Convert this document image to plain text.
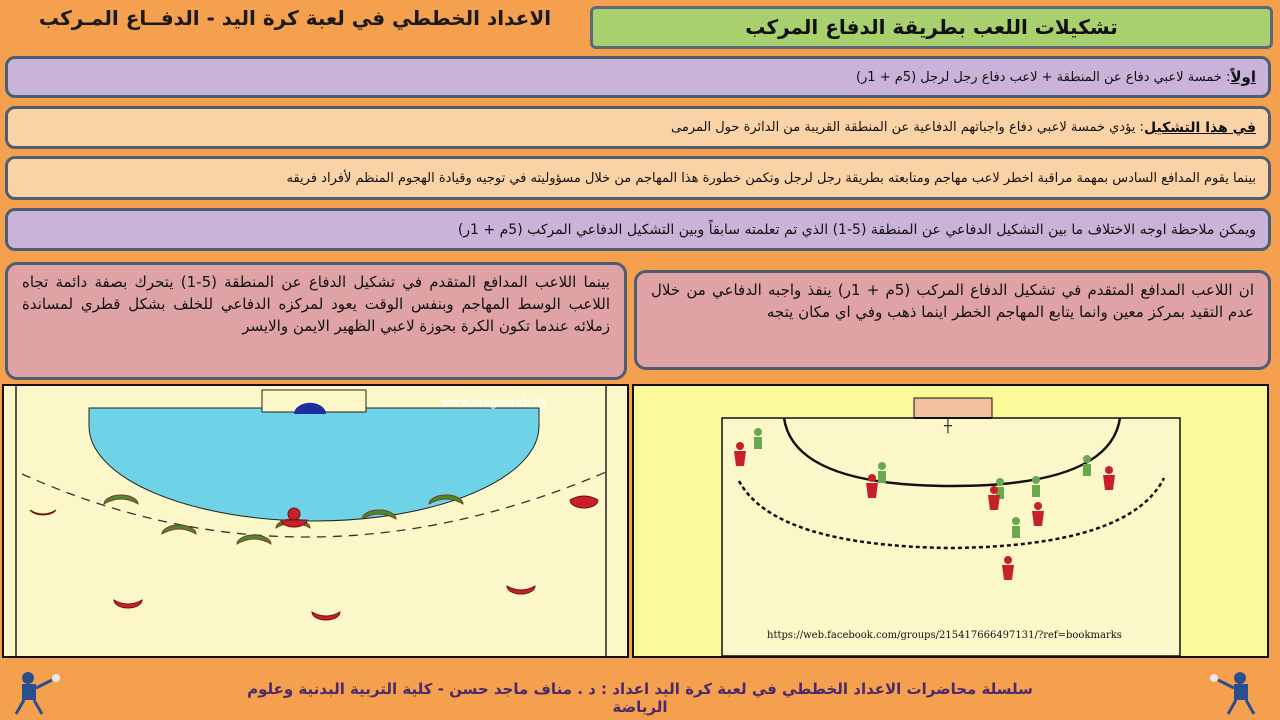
الاعداد الخططي في لعبة كرة اليد - الدفــاع المـركب	تشكيلات اللعب بطريقة الدفاع المركب
اولاً
: خمسة لاعبي دفاع عن المنطقة + لاعب دفاع رجل لرجل (5م + 1ر)
في هذا التشكيل
: يؤدي خمسة لاعبي دفاع واجباتهم الدفاعية عن المنطقة القريبة من الدائرة حول المرمى
بينما يقوم المدافع السادس بمهمة مراقبة اخطر لاعب مهاجم ومتابعته بطريقة رجل لرجل وتكمن خطورة هذا المهاجم من خلال مسؤوليته في توجيه وقيادة الهجوم المنظم لأفراد فريقه
ويمكن ملاحظة اوجه الاختلاف ما بين التشكيل الدفاعي عن المنطقة (5-1) الذي تم تعلمته سابقاً وبين التشكيل الدفاعي المركب (5م + 1ر)
بينما اللاعب المدافع المتقدم في تشكيل الدفاع عن المنطقة (5-1) يتحرك بصفة دائمة تجاه اللاعب الوسط المهاجم وبنفس الوقت يعود لمركزه الدفاعي للخلف بشكل قطري لمساندة زملائه عندما تكون الكرة بحوزة لاعبي الظهير الايمن والايسر
ان اللاعب المدافع المتقدم في تشكيل الدفاع المركب (5م + 1ر) ينفذ واجبه الدفاعي من خلال عدم التقيد بمركز معين وانما يتابع المهاجم الخطر اينما ذهب وفي اي مكان يتجه
www.dragoerhb.dk
┼
https://web.facebook.com/groups/215417666497131/?ref=bookmarks
سلسلة محاضرات الاعداد الخططي في لعبة كرة اليد اعداد : د . مناف ماجد حسن - كلية التربية البدنية وعلوم الرياضة
